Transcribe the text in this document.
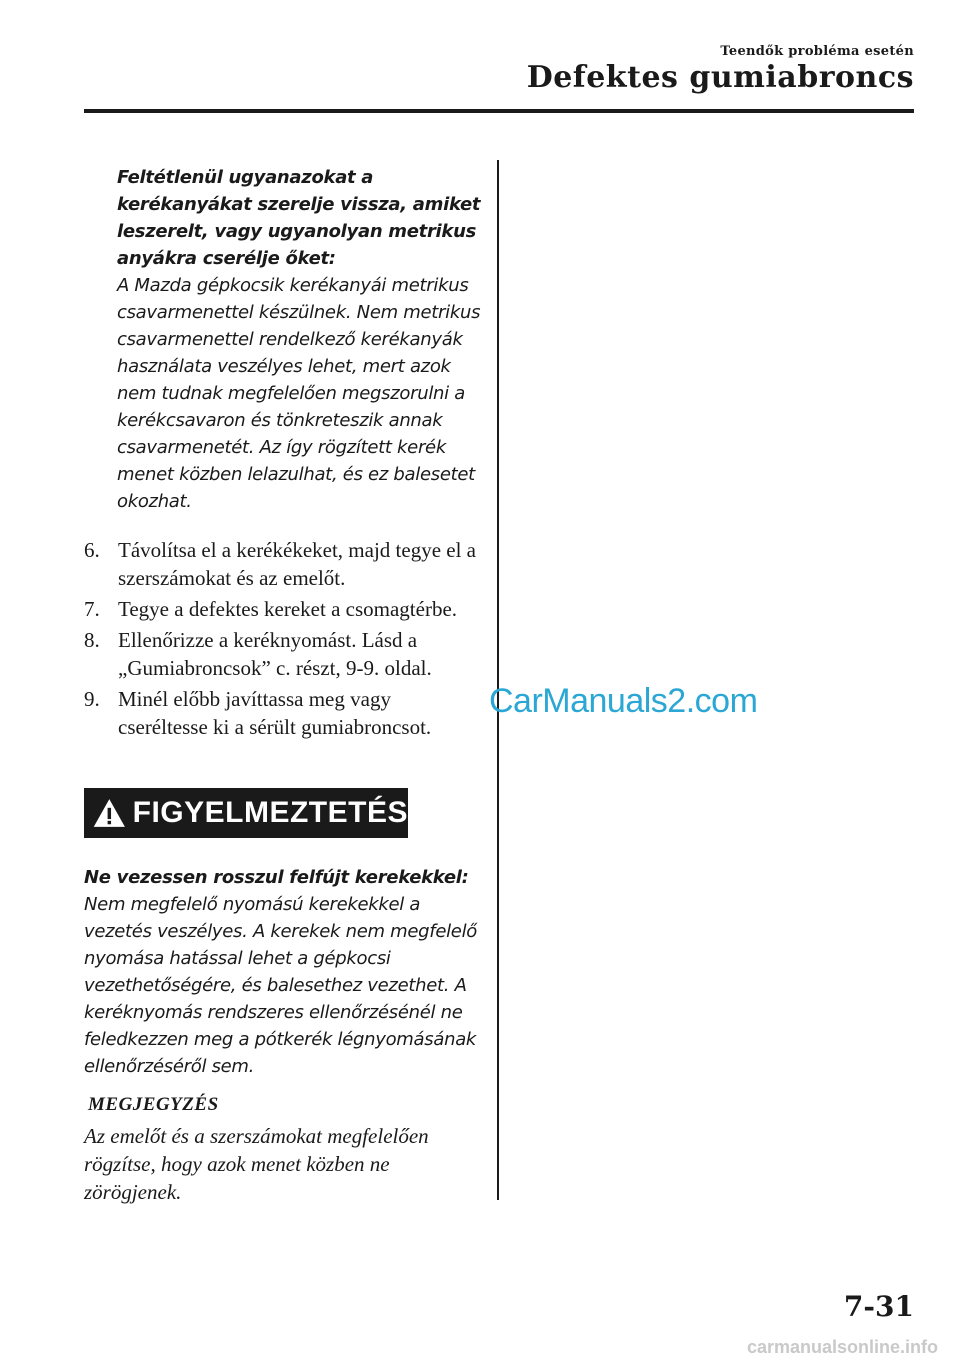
Teendők probléma esetén
Defektes gumiabroncs

Feltétlenül ugyanazokat a kerékanyákat szerelje vissza, amiket leszerelt, vagy ugyanolyan metrikus anyákra cserélje őket:

A Mazda gépkocsik kerékanyái metrikus csavarmenettel készülnek. Nem metrikus csavarmenettel rendelkező kerékanyák használata veszélyes lehet, mert azok nem tudnak megfelelően megszorulni a kerékcsavaron és tönkreteszik annak csavarmenetét. Az így rögzített kerék menet közben lelazulhat, és ez balesetet okozhat.

6. Távolítsa el a kerékékeket, majd tegye el a szerszámokat és az emelőt.
7. Tegye a defektes kereket a csomagtérbe.
8. Ellenőrizze a keréknyomást. Lásd a „Gumiabroncsok” c. részt, 9-9. oldal.
9. Minél előbb javíttassa meg vagy cseréltesse ki a sérült gumiabroncsot.
FIGYELMEZTETÉS

Ne vezessen rosszul felfújt kerekekkel:

Nem megfelelő nyomású kerekekkel a vezetés veszélyes. A kerekek nem megfelelő nyomása hatással lehet a gépkocsi vezethetőségére, és balesethez vezethet. A keréknyomás rendszeres ellenőrzésénél ne feledkezzen meg a pótkerék légnyomásának ellenőrzéséről sem.

MEGJEGYZÉS

Az emelőt és a szerszámokat megfelelően rögzítse, hogy azok menet közben ne zörögjenek.

CarManuals2.com
7-31
carmanualsonline.info
